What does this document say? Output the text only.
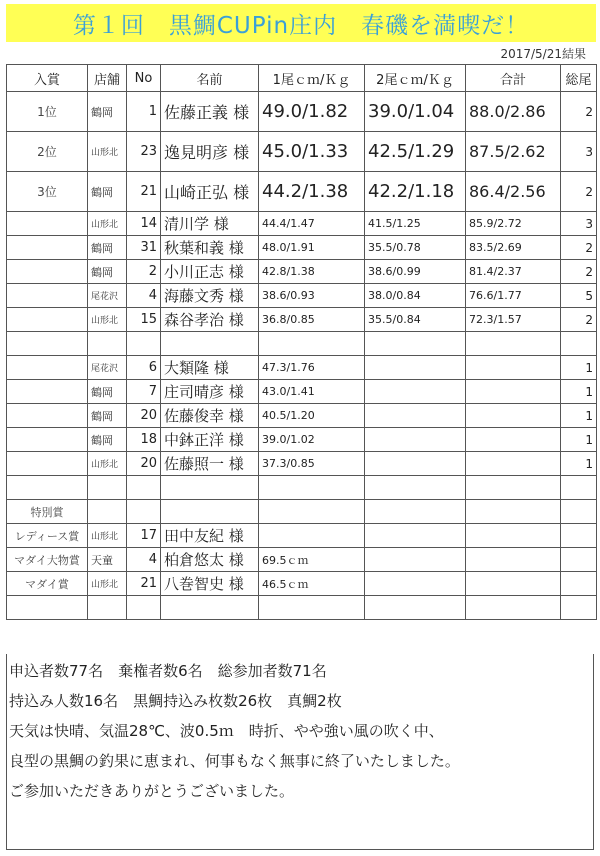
第１回　黒鯛CUPin庄内　春磯を満喫だ！
2017/5/21結果
入賞	店舗	No	名前	1尾ｃｍ/Ｋｇ	2尾ｃｍ/Ｋｇ	合計	総尾
1位	鶴岡	1	佐藤正義 様	49.0/1.82	39.0/1.04	88.0/2.86	2
2位	山形北	23	逸見明彦 様	45.0/1.33	42.5/1.29	87.5/2.62	3
3位	鶴岡	21	山崎正弘 様	44.2/1.38	42.2/1.18	86.4/2.56	2
	山形北	14	清川学 様	44.4/1.47	41.5/1.25	85.9/2.72	3
	鶴岡	31	秋葉和義 様	48.0/1.91	35.5/0.78	83.5/2.69	2
	鶴岡	2	小川正志 様	42.8/1.38	38.6/0.99	81.4/2.37	2
	尾花沢	4	海藤文秀 様	38.6/0.93	38.0/0.84	76.6/1.77	5
	山形北	15	森谷孝治 様	36.8/0.85	35.5/0.84	72.3/1.57	2

	尾花沢	6	大類隆 様	47.3/1.76			1
	鶴岡	7	庄司晴彦 様	43.0/1.41			1
	鶴岡	20	佐藤俊幸 様	40.5/1.20			1
	鶴岡	18	中鉢正洋 様	39.0/1.02			1
	山形北	20	佐藤照一 様	37.3/0.85			1

特別賞							
レディース賞	山形北	17	田中友紀 様				
マダイ大物賞	天童	4	柏倉悠太 様	69.5ｃｍ			
マダイ賞	山形北	21	八巻智史 様	46.5ｃｍ			

申込者数77名　棄権者数6名　総参加者数71名

持込み人数16名　黒鯛持込み枚数26枚　真鯛2枚

天気は快晴、気温28℃、波0.5ｍ　時折、やや強い風の吹く中、

良型の黒鯛の釣果に恵まれ、何事もなく無事に終了いたしました。

ご参加いただきありがとうございました。
